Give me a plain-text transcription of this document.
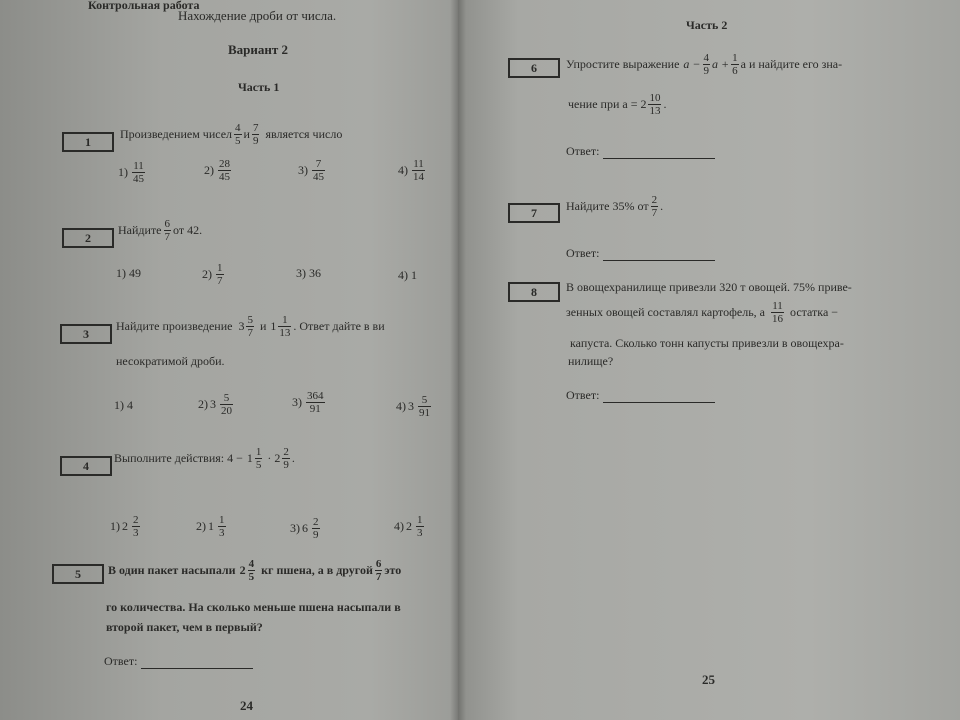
Контрольная работа
Нахождение дроби от числа.
Вариант 2
Часть 1
1
Произведением чисел $\frac{4}{5}$ и $\frac{7}{9}$ является число
$1) \frac{11}{45}$	$2) \frac{28}{45}$	$3) \frac{7}{45}$	$4) \frac{11}{14}$
2
Найдите $\frac{6}{7}$ от 42.
1) 49	$2) \frac{1}{7}$	3) 36	4) 1
3
Найдите произведение $3 \frac{5}{7}$ и $1 \frac{1}{13}$ . Ответ дайте в ви
несократимой дроби.
1) 4	2) $3 \frac{5}{20}$	$3) \frac{364}{91}$	4) $3 \frac{5}{91}$
4
Выполните действия: $4 - 1 \frac{1}{5} \cdot 2 \frac{2}{9}$ .
1) $2 \frac{2}{3}$	2) $1 \frac{1}{3}$	3) $6 \frac{2}{9}$	4) $2 \frac{1}{3}$
5	В один пакет насыпали $2 \frac{4}{5}$ кг пшена, а в другой $\frac{6}{7}$ это
го количества. На сколько меньше пшена насыпали в
второй пакет, чем в первый?
Ответ:
24
Часть 2
6	Упростите выражение $a - \frac{4}{9}$ $a + \frac{1}{6}$ a и найдите его зна-
чение при $a = 2 \frac{10}{13}$ .
Ответ:
7	Найдите 35% от $\frac{2}{7}$ .
Ответ:
8	В овощехранилище привезли 320 т овощей. 75% приве-
зенных овощей составлял картофель, а $\frac{11}{16}$ остатка −
капуста. Сколько тонн капусты привезли в овощехра-
нилище?
Ответ:
25
